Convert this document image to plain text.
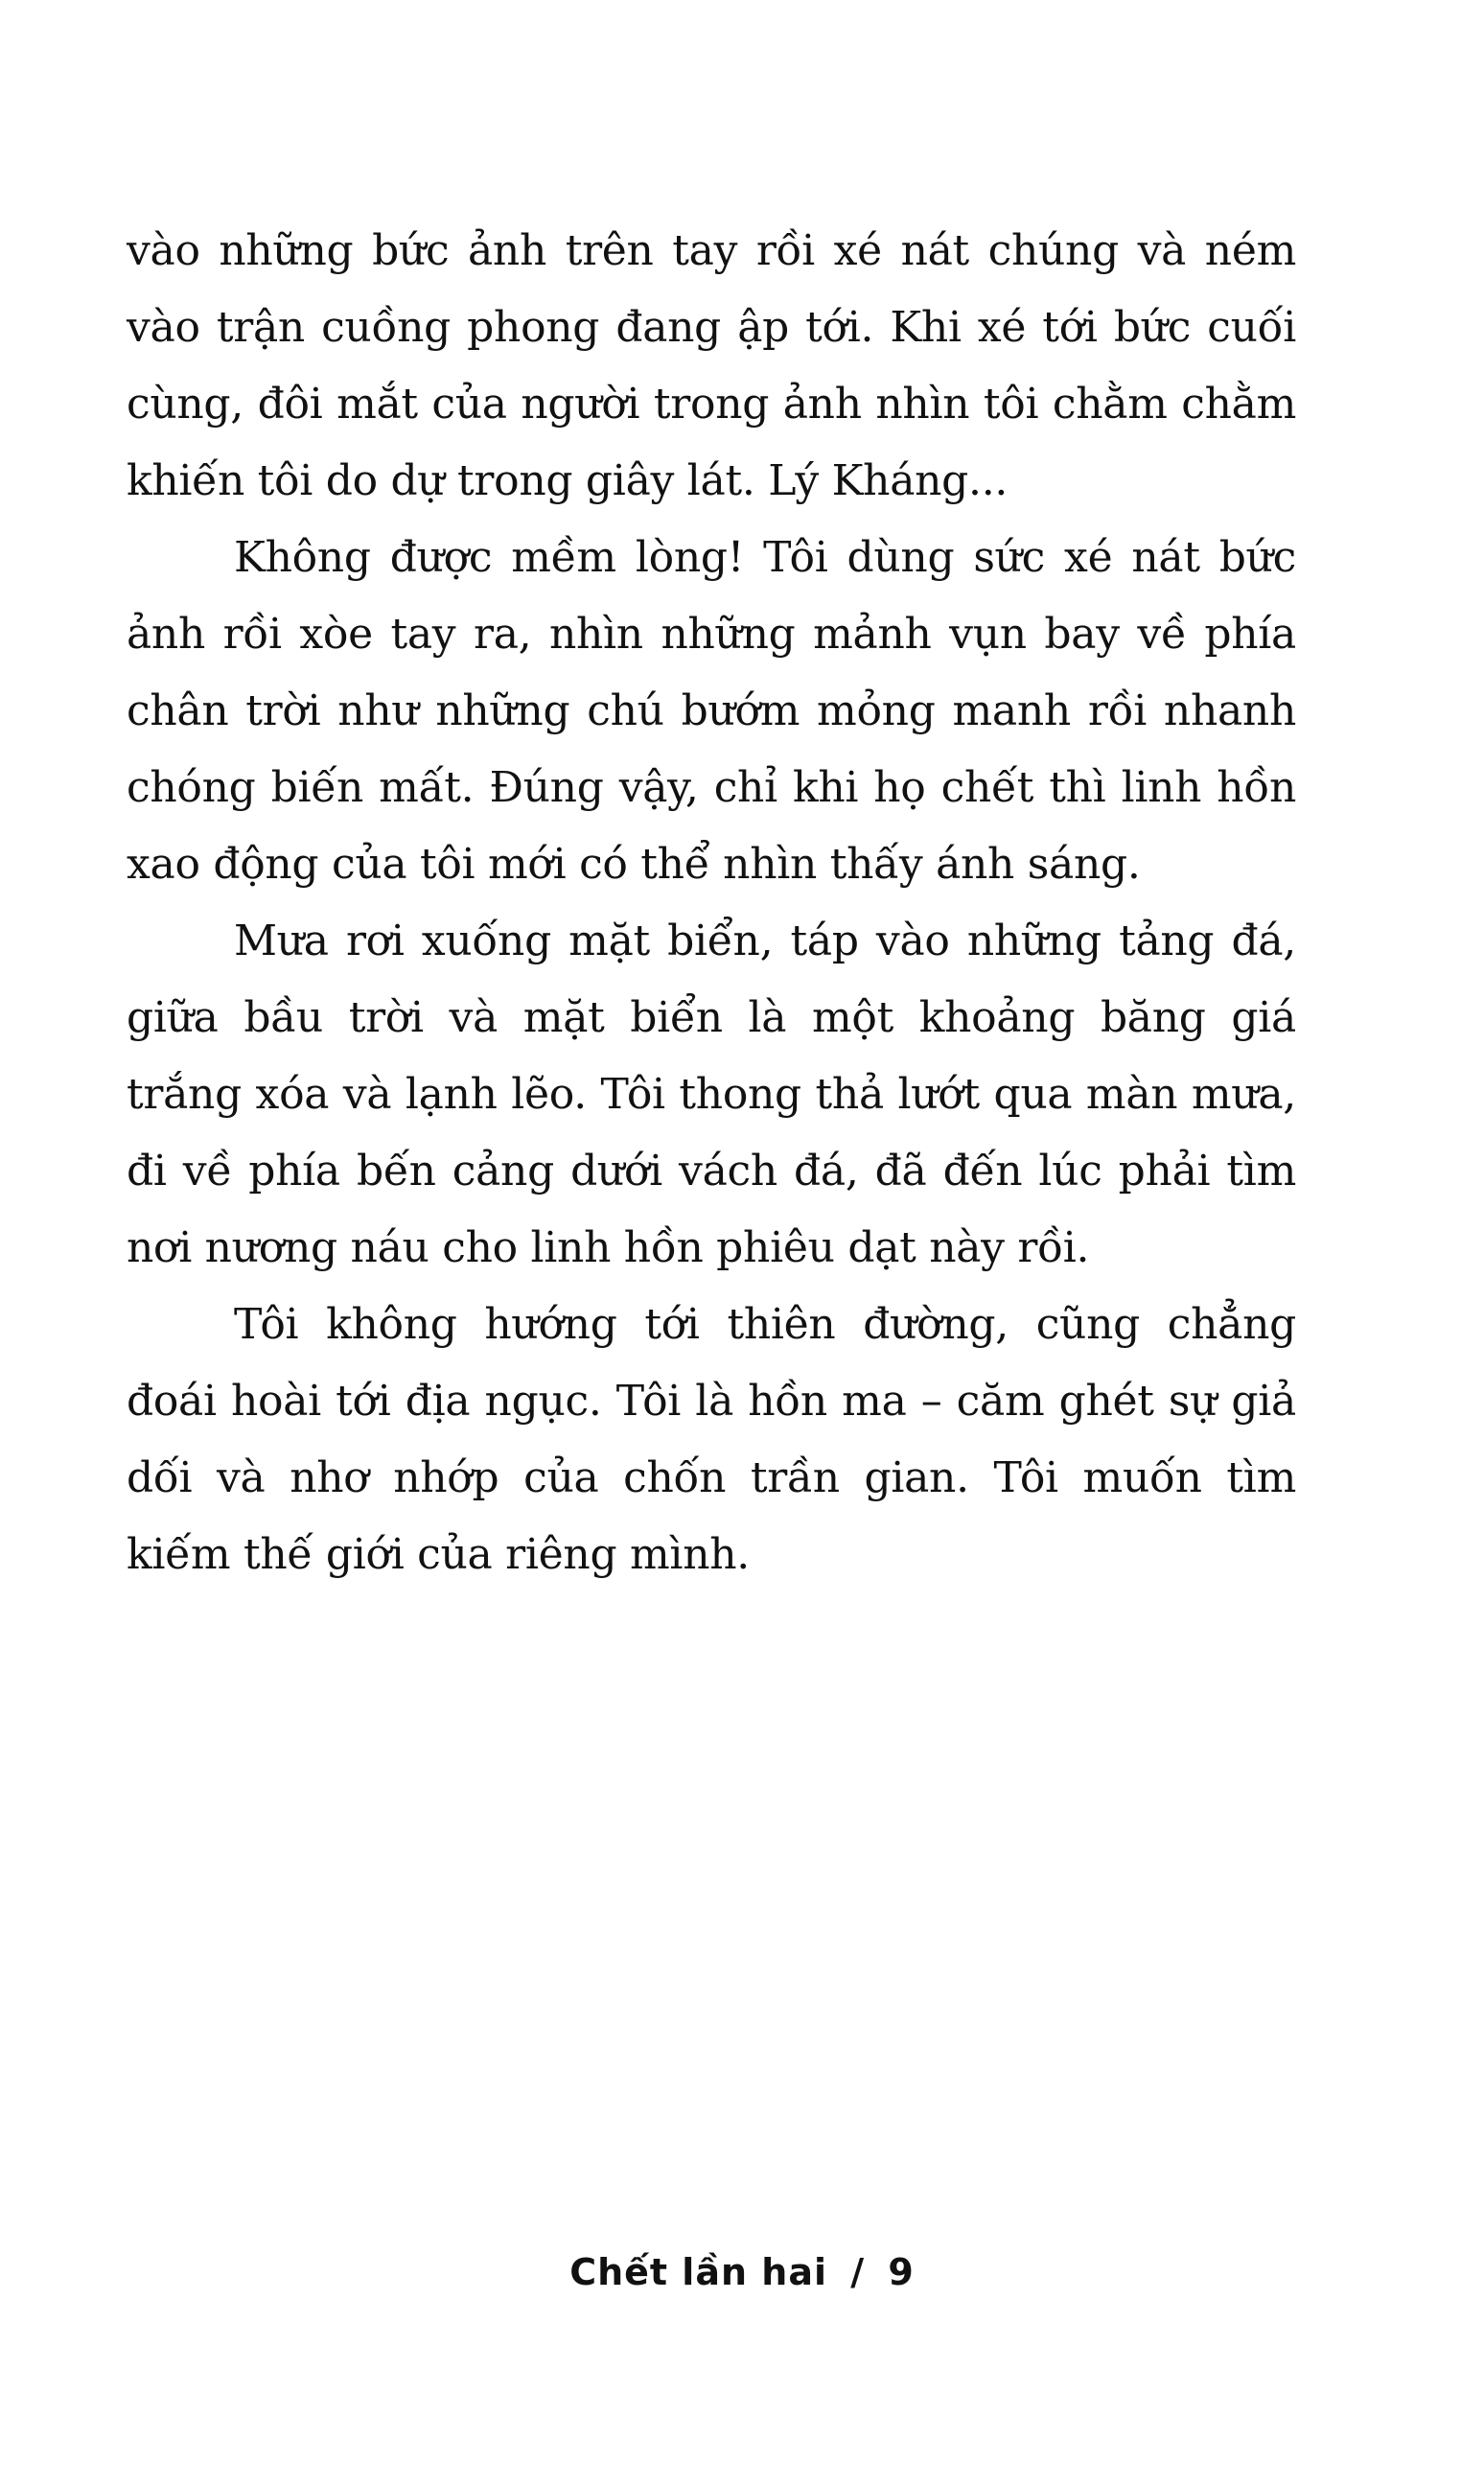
vào những bức ảnh trên tay rồi xé nát chúng và ném vào trận cuồng phong đang ập tới. Khi xé tới bức cuối cùng, đôi mắt của người trong ảnh nhìn tôi chằm chằm khiến tôi do dự trong giây lát. Lý Kháng...

Không được mềm lòng! Tôi dùng sức xé nát bức ảnh rồi xòe tay ra, nhìn những mảnh vụn bay về phía chân trời như những chú bướm mỏng manh rồi nhanh chóng biến mất. Đúng vậy, chỉ khi họ chết thì linh hồn xao động của tôi mới có thể nhìn thấy ánh sáng.

Mưa rơi xuống mặt biển, táp vào những tảng đá, giữa bầu trời và mặt biển là một khoảng băng giá trắng xóa và lạnh lẽo. Tôi thong thả lướt qua màn mưa, đi về phía bến cảng dưới vách đá, đã đến lúc phải tìm nơi nương náu cho linh hồn phiêu dạt này rồi.

Tôi không hướng tới thiên đường, cũng chẳng đoái hoài tới địa ngục. Tôi là hồn ma – căm ghét sự giả dối và nhơ nhớp của chốn trần gian. Tôi muốn tìm kiếm thế giới của riêng mình.

Chết lần hai / 9
